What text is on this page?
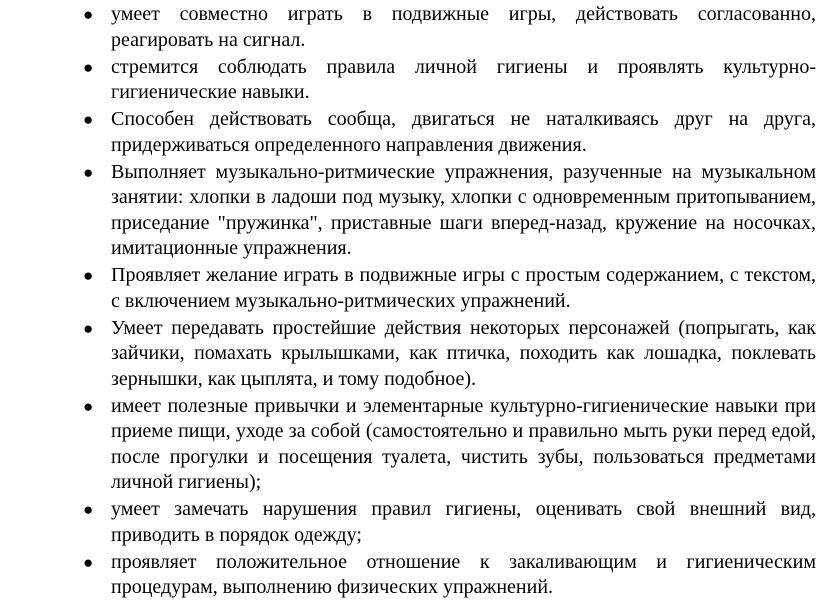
● умеет совместно играть в подвижные игры, действовать согласованно, реагировать на сигнал.
● стремится соблюдать правила личной гигиены и проявлять культурно-гигиенические навыки.
● Способен действовать сообща, двигаться не наталкиваясь друг на друга, придерживаться определенного направления движения.
● Выполняет музыкально-ритмические упражнения, разученные на музыкальном занятии: хлопки в ладоши под музыку, хлопки с одновременным притопыванием, приседание "пружинка", приставные шаги вперед-назад, кружение на носочках, имитационные упражнения.
● Проявляет желание играть в подвижные игры с простым содержанием, с текстом, с включением музыкально-ритмических упражнений.
● Умеет передавать простейшие действия некоторых персонажей (попрыгать, как зайчики, помахать крылышками, как птичка, походить как лошадка, поклевать зернышки, как цыплята, и тому подобное).
● имеет полезные привычки и элементарные культурно-гигиенические навыки при приеме пищи, уходе за собой (самостоятельно и правильно мыть руки перед едой, после прогулки и посещения туалета, чистить зубы, пользоваться предметами личной гигиены);
● умеет замечать нарушения правил гигиены, оценивать свой внешний вид, приводить в порядок одежду;
● проявляет положительное отношение к закаливающим и гигиеническим процедурам, выполнению физических упражнений.
